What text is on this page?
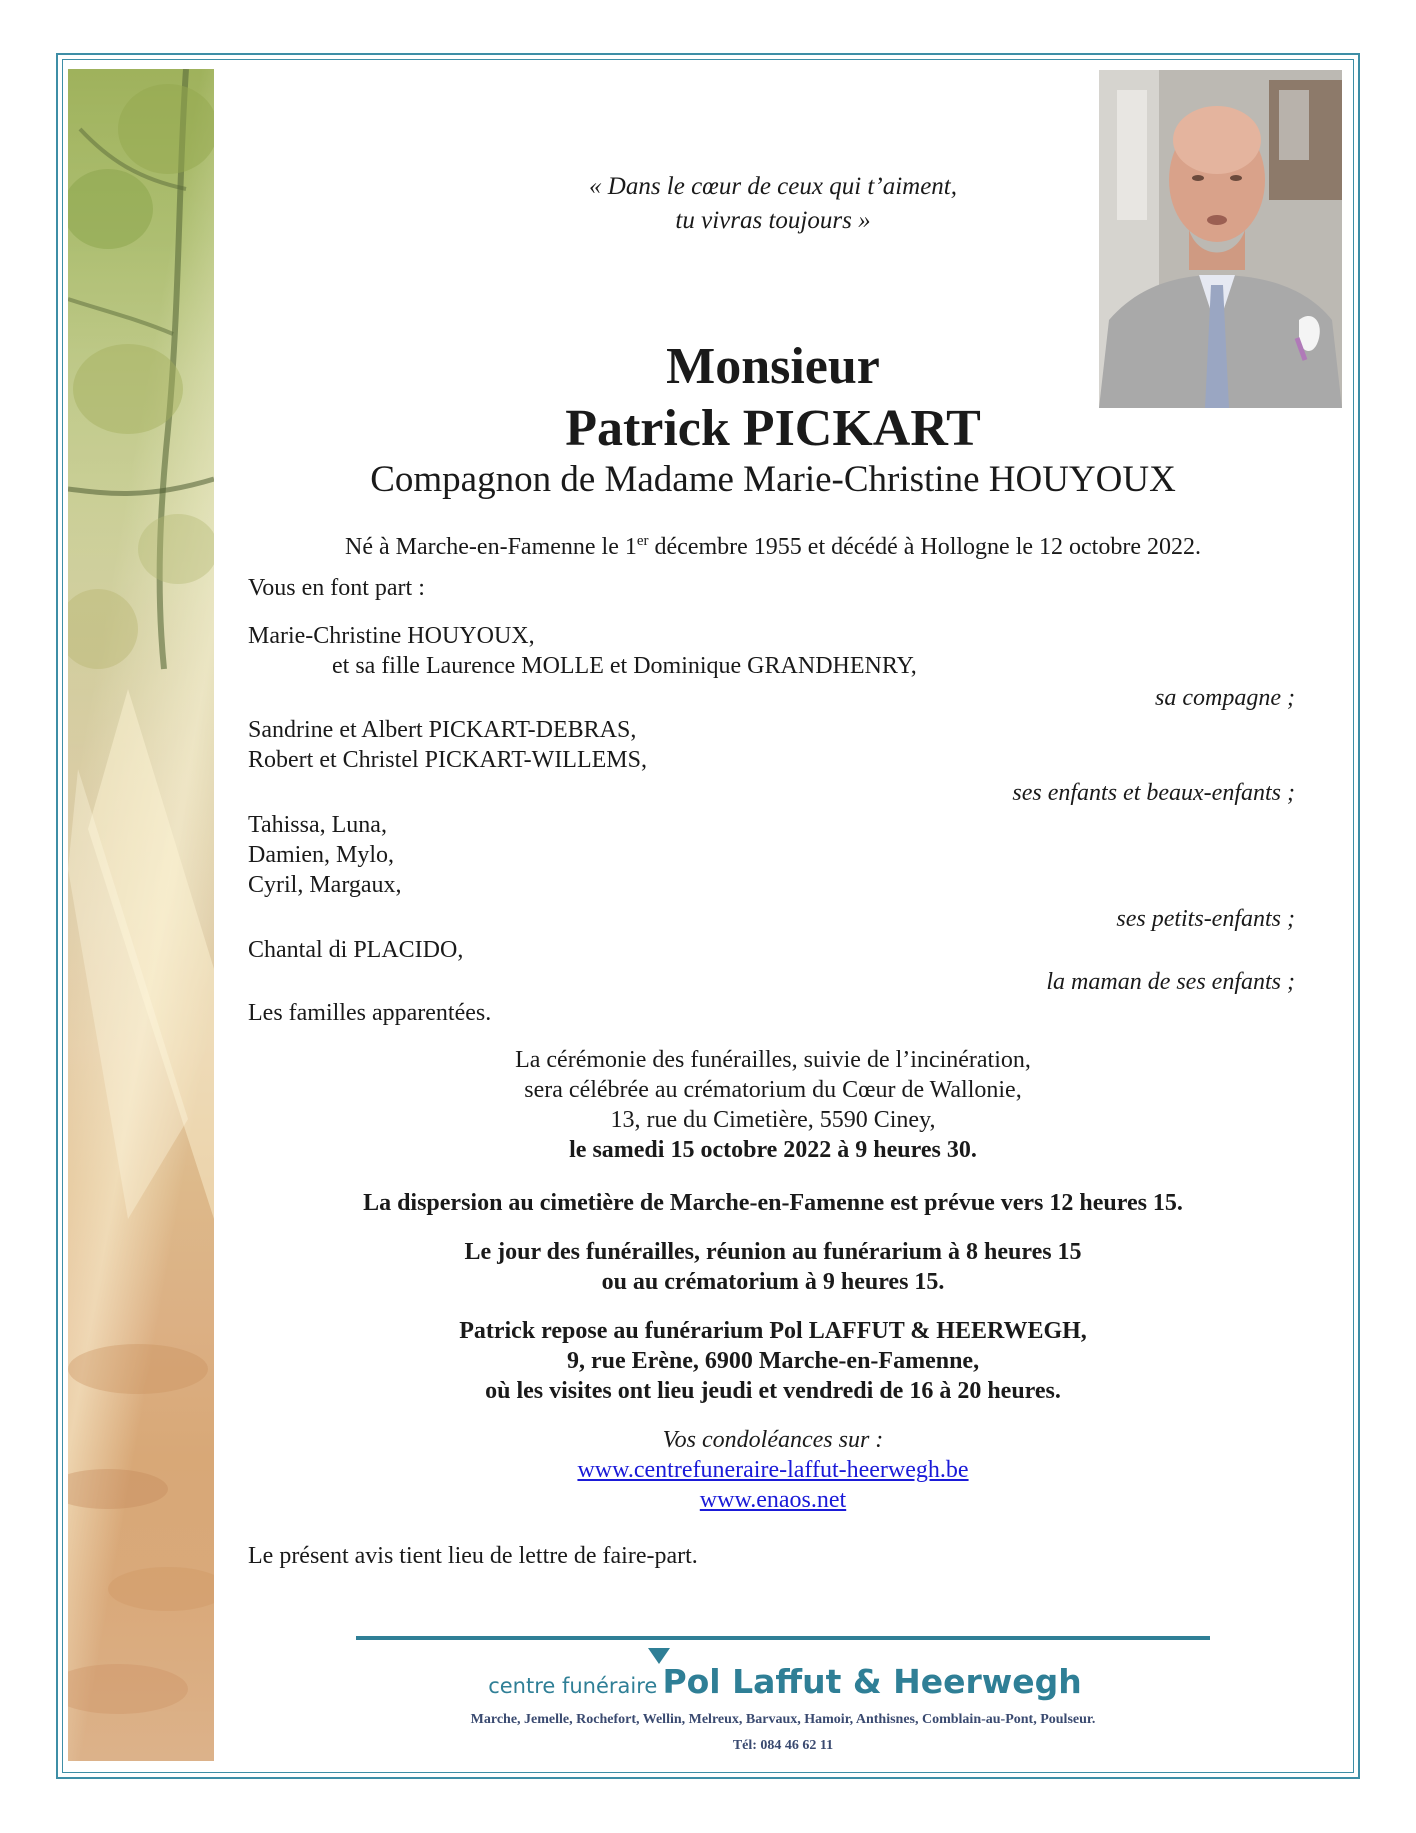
« Dans le cœur de ceux qui t’aiment,
tu vivras toujours »
Monsieur
Patrick PICKART
Compagnon de Madame Marie-Christine HOUYOUX
Né à Marche-en-Famenne le 1er décembre 1955 et décédé à Hollogne le 12 octobre 2022.
Vous en font part :
Marie-Christine HOUYOUX,
et sa fille Laurence MOLLE et Dominique GRANDHENRY,
sa compagne ;
Sandrine et Albert PICKART-DEBRAS,
Robert et Christel PICKART-WILLEMS,
ses enfants et beaux-enfants ;
Tahissa, Luna,
Damien, Mylo,
Cyril, Margaux,
ses petits-enfants ;
Chantal di PLACIDO,
la maman de ses enfants ;
Les familles apparentées.
La cérémonie des funérailles, suivie de l’incinération,
sera célébrée au crématorium du Cœur de Wallonie,
13, rue du Cimetière, 5590 Ciney,
le samedi 15 octobre 2022 à 9 heures 30.
La dispersion au cimetière de Marche-en-Famenne est prévue vers 12 heures 15.
Le jour des funérailles, réunion au funérarium à 8 heures 15
ou au crématorium à 9 heures 15.
Patrick repose au funérarium Pol LAFFUT & HEERWEGH,
9, rue Erène, 6900 Marche-en-Famenne,
où les visites ont lieu jeudi et vendredi de 16 à 20 heures.
Vos condoléances sur :
www.centrefuneraire-laffut-heerwegh.be
www.enaos.net
Le présent avis tient lieu de lettre de faire-part.
centre funéraire Pol Laffut & Heerwegh
Marche, Jemelle, Rochefort, Wellin, Melreux, Barvaux, Hamoir, Anthisnes, Comblain-au-Pont, Poulseur.
Tél: 084 46 62 11
